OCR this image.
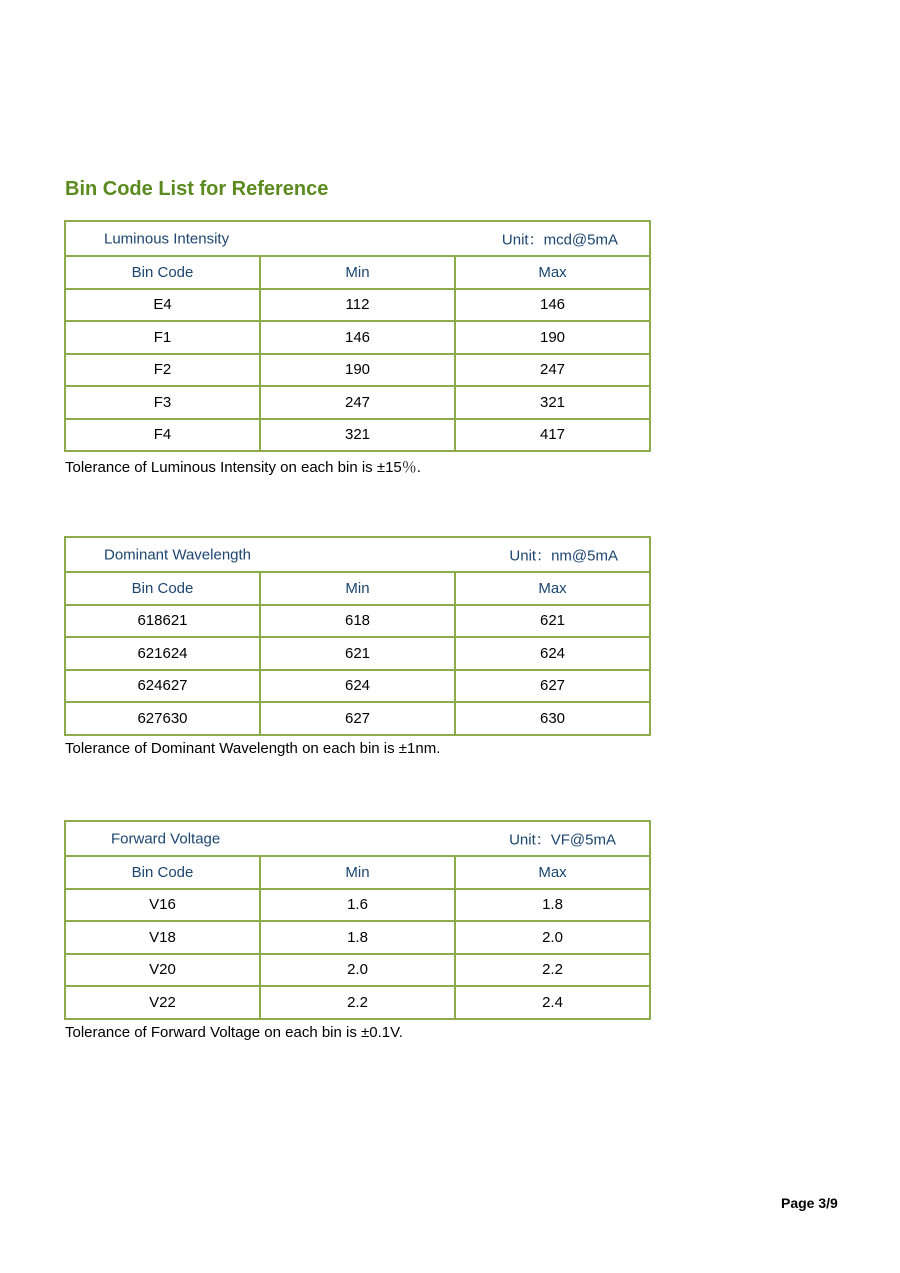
Bin Code List for Reference
Luminous Intensity Unit：mcd@5mA		

Bin Code	Min	Max
E4	112	146
F1	146	190
F2	190	247
F3	247	321
F4	321	417

Tolerance of Luminous Intensity on each bin is ±15％.

Dominant Wavelength Unit：nm@5mA		

Bin Code	Min	Max
618621	618	621
621624	621	624
624627	624	627
627630	627	630

Tolerance of Dominant Wavelength on each bin is ±1nm.

Forward Voltage Unit：VF@5mA		

Bin Code	Min	Max
V16	1.6	1.8
V18	1.8	2.0
V20	2.0	2.2
V22	2.2	2.4

Tolerance of Forward Voltage on each bin is ±0.1V.

Page 3/9
